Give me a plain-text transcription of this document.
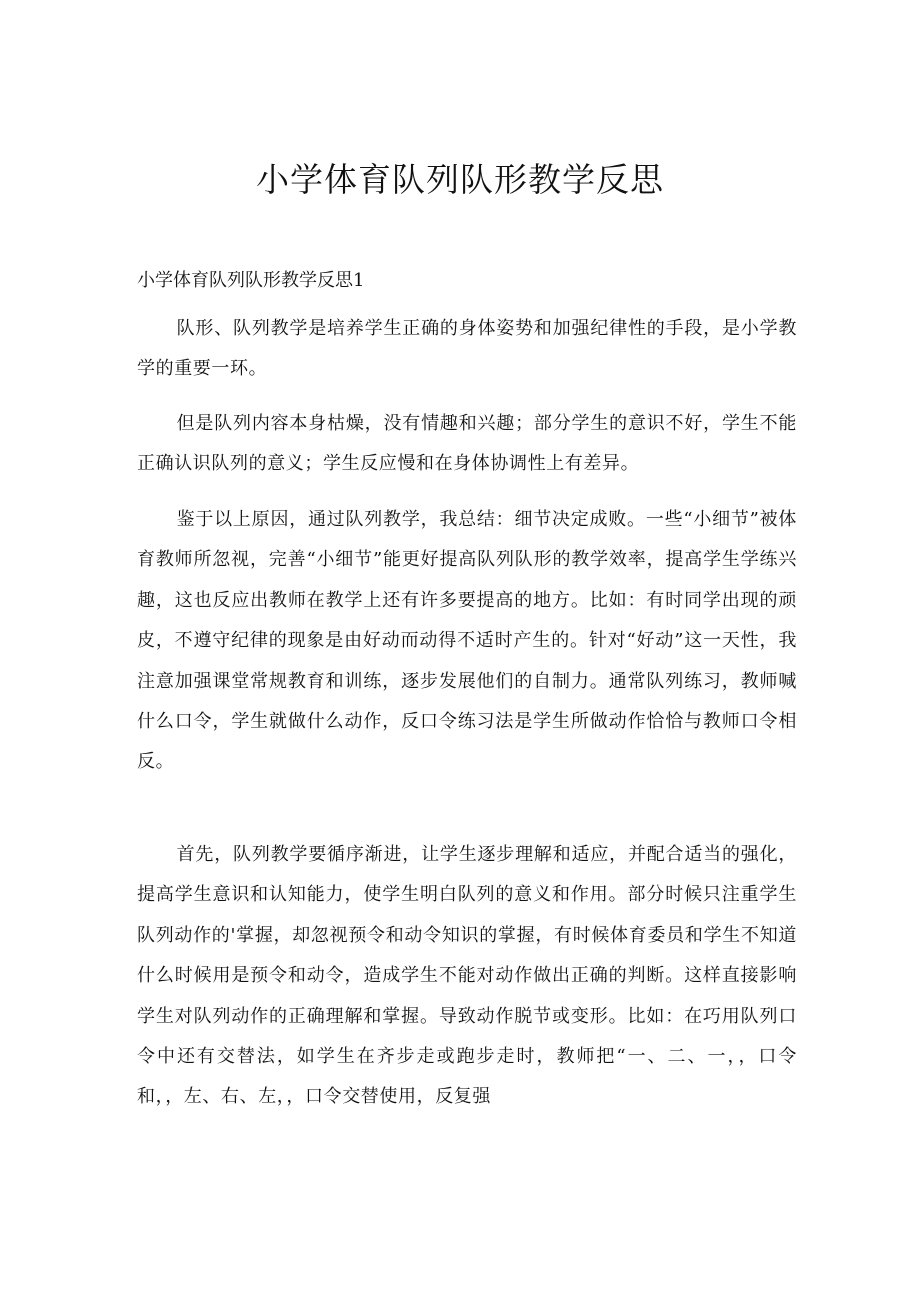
小学体育队列队形教学反思

小学体育队列队形教学反思1

队形、队列教学是培养学生正确的身体姿势和加强纪律性的手段，是小学教学的重要一环。

但是队列内容本身枯燥，没有情趣和兴趣；部分学生的意识不好，学生不能正确认识队列的意义；学生反应慢和在身体协调性上有差异。

鉴于以上原因，通过队列教学，我总结：细节决定成败。一些“小细节”被体育教师所忽视，完善“小细节”能更好提高队列队形的教学效率，提高学生学练兴趣，这也反应出教师在教学上还有许多要提高的地方。比如：有时同学出现的顽皮，不遵守纪律的现象是由好动而动得不适时产生的。针对“好动”这一天性，我注意加强课堂常规教育和训练，逐步发展他们的自制力。通常队列练习，教师喊什么口令，学生就做什么动作，反口令练习法是学生所做动作恰恰与教师口令相反。

首先，队列教学要循序渐进，让学生逐步理解和适应，并配合适当的强化，提高学生意识和认知能力，使学生明白队列的意义和作用。部分时候只注重学生队列动作的'掌握，却忽视预令和动令知识的掌握，有时候体育委员和学生不知道什么时候用是预令和动令，造成学生不能对动作做出正确的判断。这样直接影响学生对队列动作的正确理解和掌握。导致动作脱节或变形。比如：在巧用队列口令中还有交替法，如学生在齐步走或跑步走时，教师把“一、二、一，，口令和，，左、右、左，，口令交替使用，反复强
